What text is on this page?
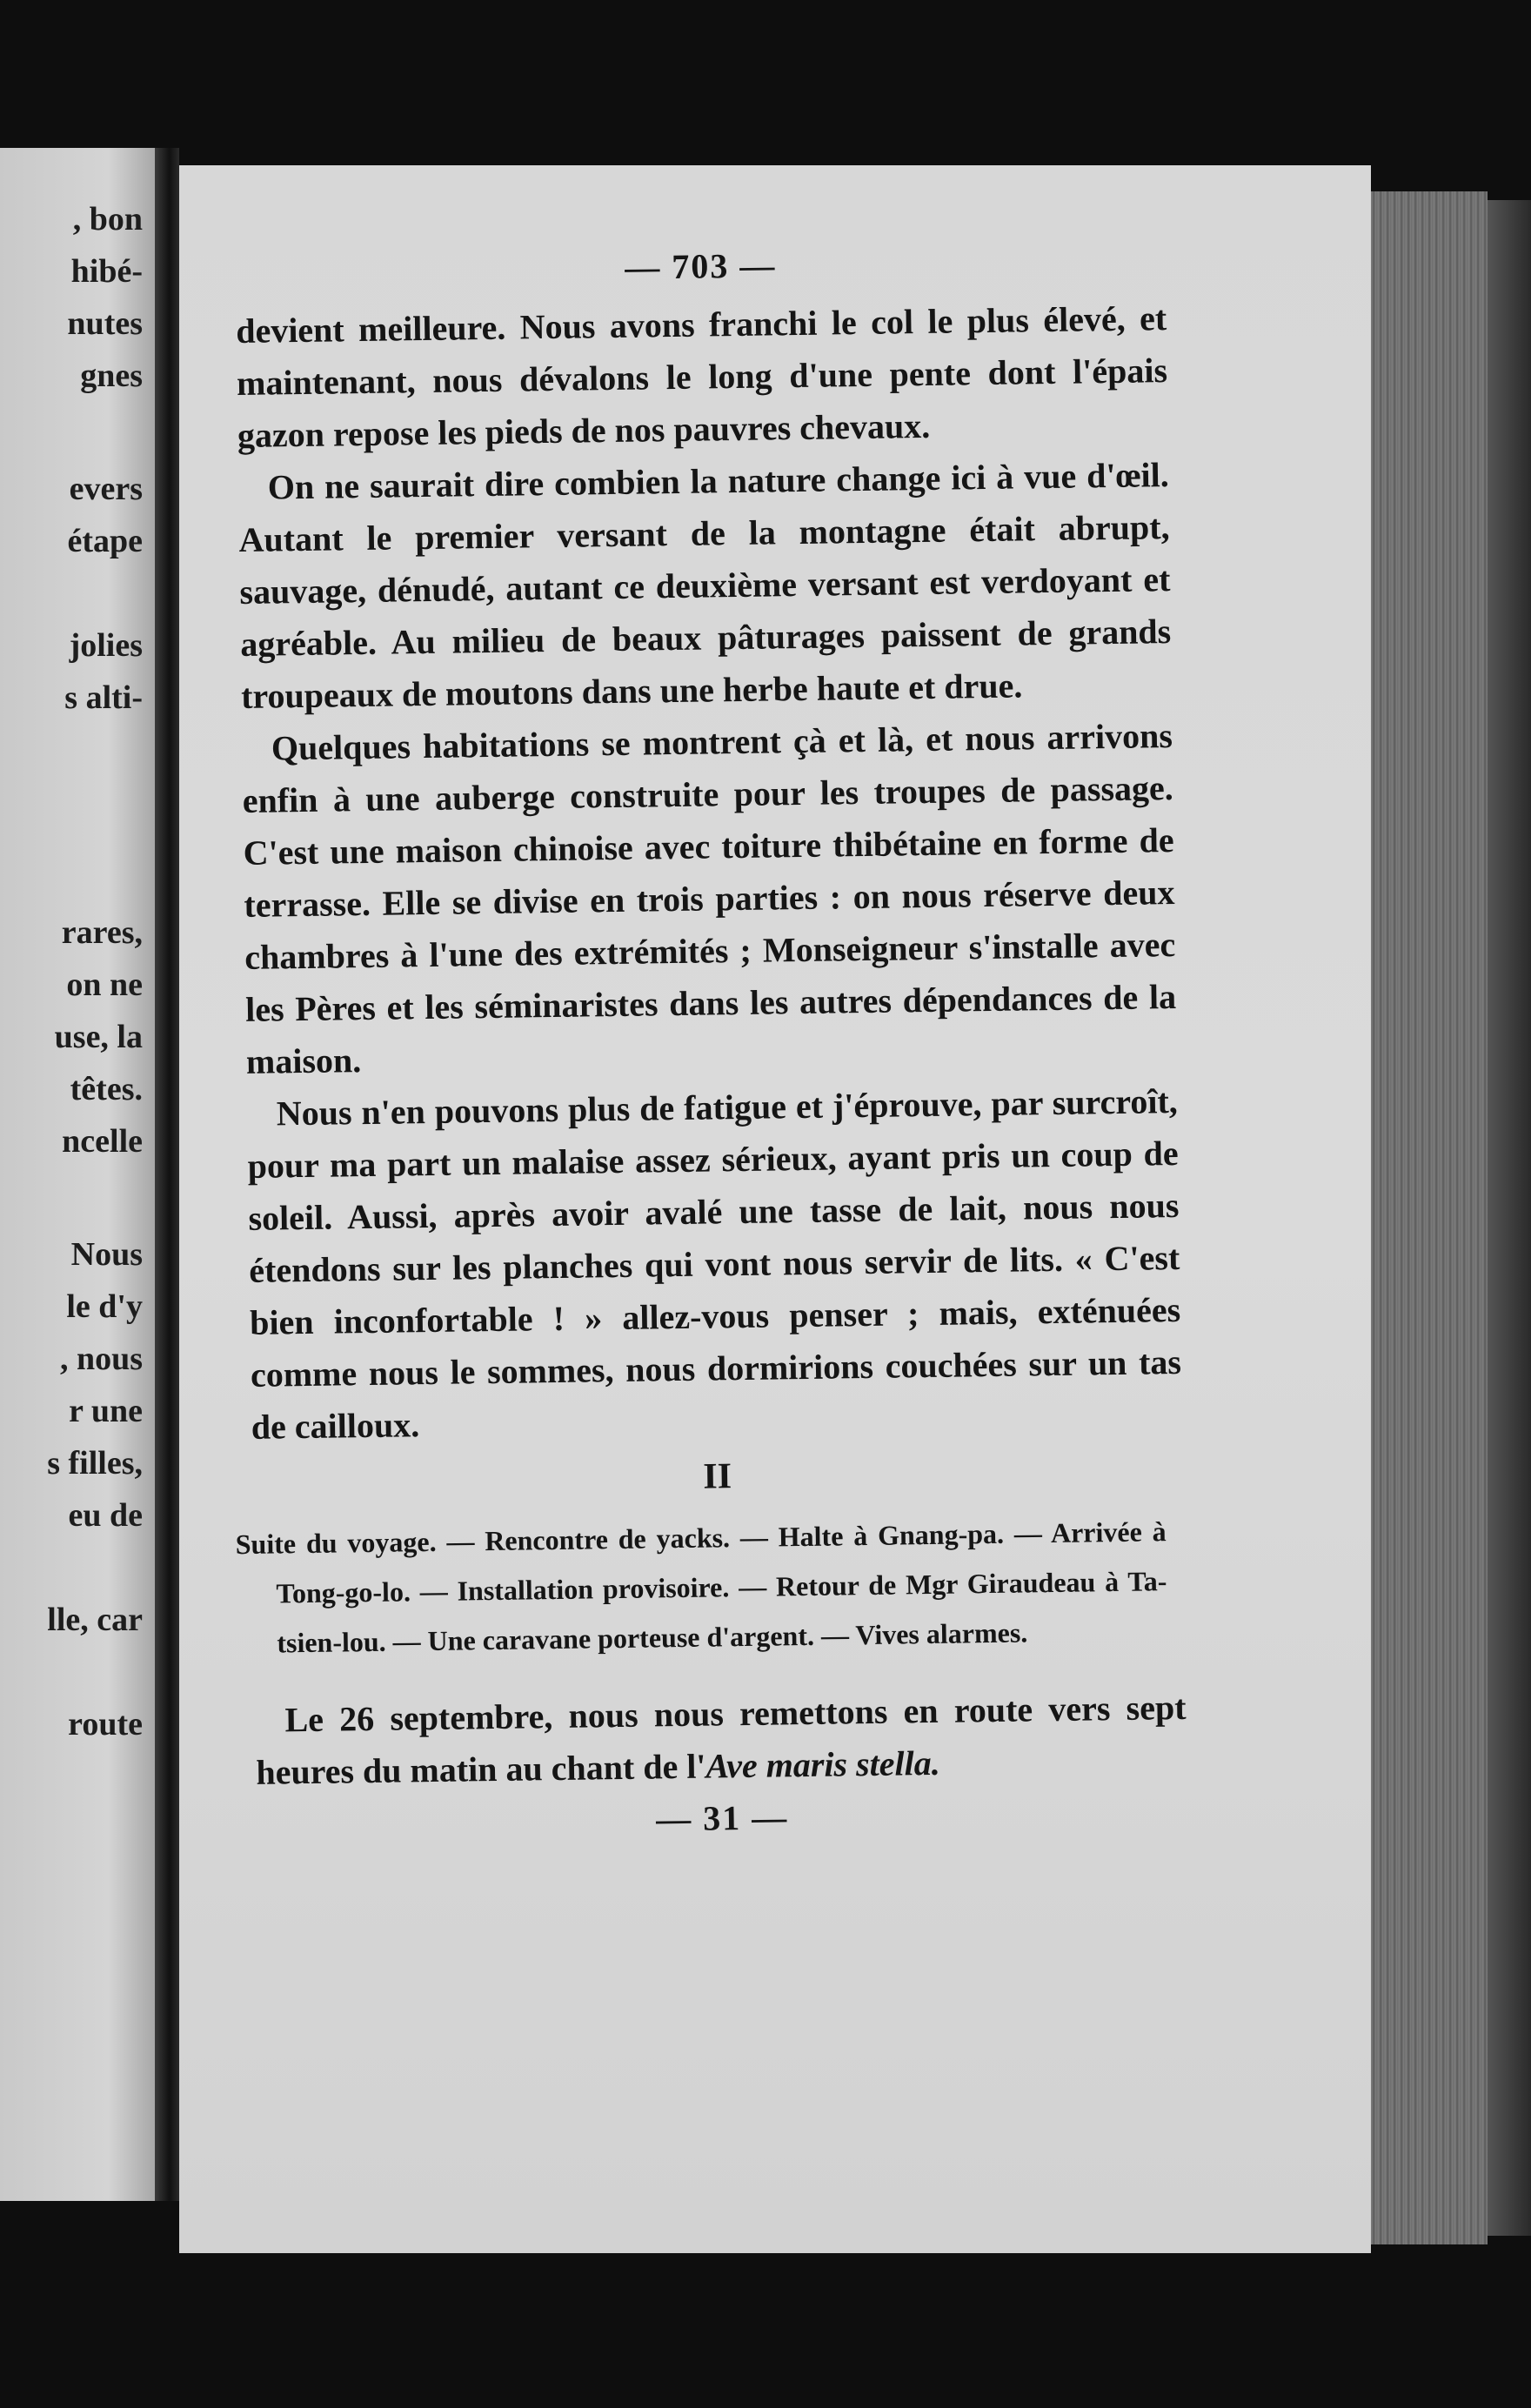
, bon
hibé-
nutes
gnes
evers
étape
jolies
s alti-
rares,
on ne
use, la
têtes.
ncelle
Nous
le d'y
, nous
r une
s filles,
eu de
lle, car
route
— 703 —

devient meilleure. Nous avons franchi le col le plus élevé, et maintenant, nous dévalons le long d'une pente dont l'épais gazon repose les pieds de nos pauvres chevaux.

On ne saurait dire combien la nature change ici à vue d'œil. Autant le premier versant de la montagne était abrupt, sauvage, dénudé, autant ce deuxième versant est verdoyant et agréable. Au milieu de beaux pâturages paissent de grands troupeaux de moutons dans une herbe haute et drue.

Quelques habitations se montrent çà et là, et nous arrivons enfin à une auberge construite pour les troupes de passage. C'est une maison chinoise avec toiture thibétaine en forme de terrasse. Elle se divise en trois parties : on nous réserve deux chambres à l'une des extrémités ; Monseigneur s'installe avec les Pères et les séminaristes dans les autres dépendances de la maison.

Nous n'en pouvons plus de fatigue et j'éprouve, par surcroît, pour ma part un malaise assez sérieux, ayant pris un coup de soleil. Aussi, après avoir avalé une tasse de lait, nous nous étendons sur les planches qui vont nous servir de lits. « C'est bien inconfortable ! » allez-vous penser ; mais, exténuées comme nous le sommes, nous dormirions couchées sur un tas de cailloux.

II

Suite du voyage. — Rencontre de yacks. — Halte à Gnang-pa. — Arrivée à Tong-go-lo. — Installation provisoire. — Retour de Mgr Giraudeau à Ta-tsien-lou. — Une caravane porteuse d'argent. — Vives alarmes.

Le 26 septembre, nous nous remettons en route vers sept heures du matin au chant de l'Ave maris stella.

— 31 —
